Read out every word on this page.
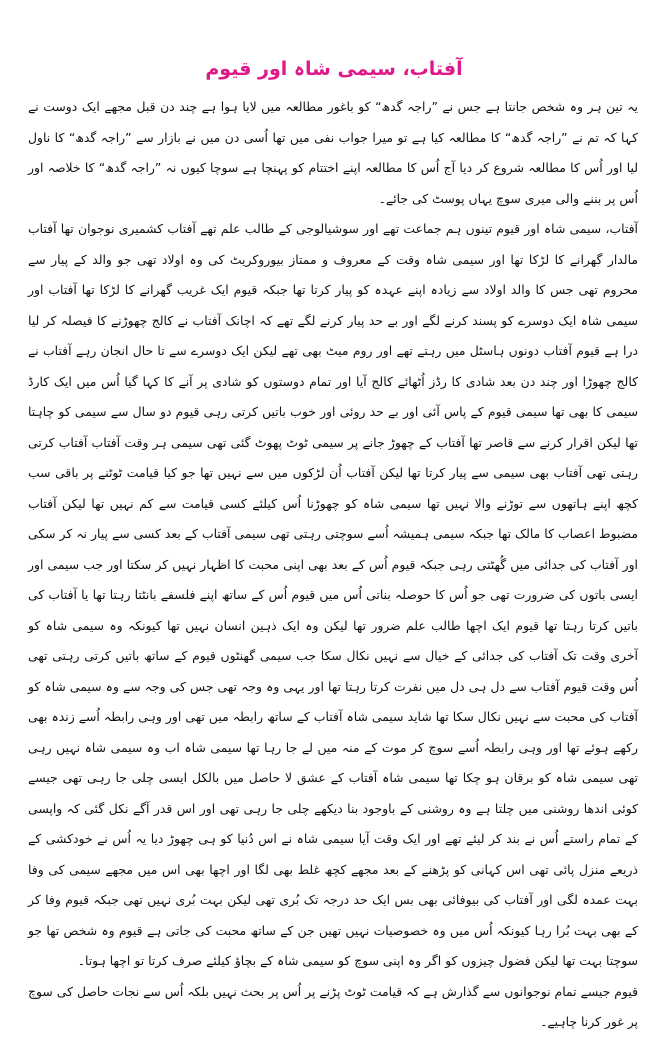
آفتاب، سیمی شاہ اور قیوم

یہ تین ہر وہ شخص جانتا ہے جس نے ”راجہ گدھ“ کو باغور مطالعہ میں لایا ہوا ہے چند دن قبل مجھے ایک دوست نے کہا کہ تم نے ”راجہ گدھ“ کا مطالعہ کیا ہے تو میرا جواب نفی میں تھا اُسی دن میں نے بازار سے ”راجہ گدھ“ کا ناول لیا اور اُس کا مطالعہ شروع کر دیا آج اُس کا مطالعہ اپنے اختتام کو پہنچا ہے سوچا کیوں نہ ”راجہ گدھ“ کا خلاصہ اور اُس پر بننے والی میری سوچ یہاں پوسٹ کی جائے۔

آفتاب، سیمی شاہ اور قیوم تینوں ہم جماعت تھے اور سوشیالوجی کے طالب علم تھے آفتاب کشمیری نوجوان تھا آفتاب مالدار گھرانے کا لڑکا تھا اور سیمی شاہ وقت کے معروف و ممتاز بیوروکریٹ کی وہ اولاد تھی جو والد کے پیار سے محروم تھی جس کا والد اولاد سے زیادہ اپنے عہدہ کو پیار کرتا تھا جبکہ قیوم ایک غریب گھرانے کا لڑکا تھا آفتاب اور سیمی شاہ ایک دوسرے کو پسند کرنے لگے اور بے حد پیار کرنے لگے تھے کہ اچانک آفتاب نے کالج چھوڑنے کا فیصلہ کر لیا درا ہے قیوم آفتاب دونوں ہاسٹل میں رہتے تھے اور روم میٹ بھی تھے لیکن ایک دوسرے سے تا حال انجان رہے آفتاب نے کالج چھوڑا اور چند دن بعد شادی کا رڈز اُٹھائے کالج آیا اور تمام دوستوں کو شادی پر آنے کا کہا گیا اُس میں ایک کارڈ سیمی کا بھی تھا سیمی قیوم کے پاس آئی اور بے حد روئی اور خوب باتیں کرتی رہی قیوم دو سال سے سیمی کو چاہتا تھا لیکن اقرار کرنے سے قاصر تھا آفتاب کے چھوڑ جانے پر سیمی ٹوٹ پھوٹ گئی تھی سیمی ہر وقت آفتاب آفتاب کرتی رہتی تھی آفتاب بھی سیمی سے پیار کرتا تھا لیکن آفتاب اُن لڑکوں میں سے نہیں تھا جو کیا قیامت ٹوٹنے پر باقی سب کچھ اپنے ہاتھوں سے توڑنے والا نہیں تھا سیمی شاہ کو چھوڑنا اُس کیلئے کسی قیامت سے کم نہیں تھا لیکن آفتاب مضبوط اعصاب کا مالک تھا جبکہ سیمی ہمیشہ اُسے سوچتی رہتی تھی سیمی آفتاب کے بعد کسی سے پیار نہ کر سکی اور آفتاب کی جدائی میں گُھٹتی رہی جبکہ قیوم اُس کے بعد بھی اپنی محبت کا اظہار نہیں کر سکتا اور جب سیمی اور ایسی باتوں کی ضرورت تھی جو اُس کا حوصلہ بناتی اُس میں قیوم اُس کے ساتھ اپنے فلسفے بانٹتا رہتا تھا یا آفتاب کی باتیں کرتا رہتا تھا قیوم ایک اچھا طالب علم ضرور تھا لیکن وہ ایک ذہین انسان نہیں تھا کیونکہ وہ سیمی شاہ کو آخری وقت تک آفتاب کی جدائی کے خیال سے نہیں نکال سکا جب سیمی گھنٹوں قیوم کے ساتھ باتیں کرتی رہتی تھی اُس وقت قیوم آفتاب سے دل ہی دل میں نفرت کرتا رہتا تھا اور یہی وہ وجہ تھی جس کی وجہ سے وہ سیمی شاہ کو آفتاب کی محبت سے نہیں نکال سکا تھا شاید سیمی شاہ آفتاب کے ساتھ رابطہ میں تھی اور وہی رابطہ اُسے زندہ بھی رکھے ہوئے تھا اور وہی رابطہ اُسے سوچ کر موت کے منہ میں لے جا رہا تھا سیمی شاہ اب وہ سیمی شاہ نہیں رہی تھی سیمی شاہ کو برقان ہو چکا تھا سیمی شاہ آفتاب کے عشق لا حاصل میں بالکل ایسی چلی جا رہی تھی جیسے کوئی اندھا روشنی میں چلتا ہے وہ روشنی کے باوجود بنا دیکھے چلی جا رہی تھی اور اس قدر آگے نکل گئی کہ واپسی کے تمام راستے اُس نے بند کر لیئے تھے اور ایک وقت آیا سیمی شاہ نے اس دُنیا کو ہی چھوڑ دیا یہ اُس نے خودکشی کے ذریعے منزل پائی تھی اس کہانی کو پڑھنے کے بعد مجھے کچھ غلط بھی لگا اور اچھا بھی اس میں مجھے سیمی کی وفا بہت عمدہ لگی اور آفتاب کی بیوفائی بھی بس ایک حد درجہ تک بُری تھی لیکن بہت بُری نہیں تھی جبکہ قیوم وفا کر کے بھی بہت بُرا رہا کیونکہ اُس میں وہ خصوصیات نہیں تھیں جن کے ساتھ محبت کی جاتی ہے قیوم وہ شخص تھا جو سوچتا بہت تھا لیکن فضول چیزوں کو اگر وہ اپنی سوچ کو سیمی شاہ کے بچاؤ کیلئے صرف کرتا تو اچھا ہوتا۔

قیوم جیسے تمام نوجوانوں سے گذارش ہے کہ قیامت ٹوٹ پڑنے پر اُس پر بحث نہیں بلکہ اُس سے نجات حاصل کی سوچ پر غور کرنا چاہیے۔
